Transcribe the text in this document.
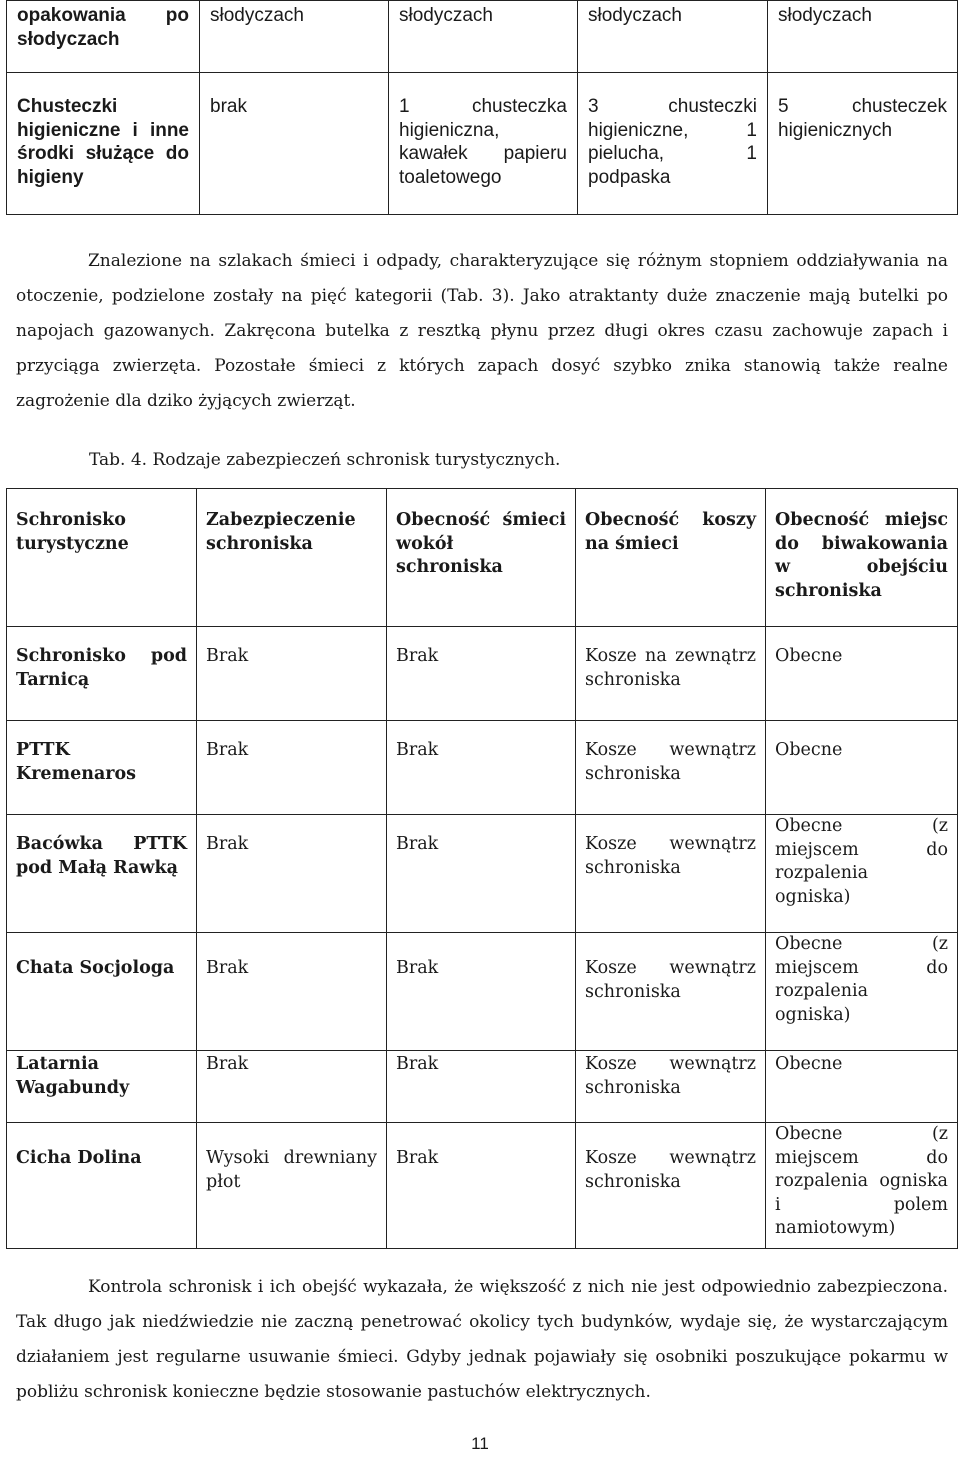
opakowania po słodyczach	słodyczach	słodyczach	słodyczach	słodyczach
Chusteczki higieniczne i inne środki służące do higieny	brak	1 chusteczka higieniczna, kawałek papieru toaletowego	3 chusteczki higieniczne, 1 pielucha, 1 podpaska	5 chusteczek higienicznych

Znalezione na szlakach śmieci i odpady, charakteryzujące się różnym stopniem oddziaływania na otoczenie, podzielone zostały na pięć kategorii (Tab. 3). Jako atraktanty duże znaczenie mają butelki po napojach gazowanych. Zakręcona butelka z resztką płynu przez długi okres czasu zachowuje zapach i przyciąga zwierzęta. Pozostałe śmieci z których zapach dosyć szybko znika stanowią także realne zagrożenie dla dziko żyjących zwierząt.

Tab. 4. Rodzaje zabezpieczeń schronisk turystycznych.

Schronisko turystyczne	Zabezpieczenie schroniska	Obecność śmieci wokół schroniska	Obecność koszy na śmieci	Obecność miejsc do biwakowania w obejściu schroniska
Schronisko pod Tarnicą	Brak	Brak	Kosze na zewnątrz schroniska	Obecne
PTTK Kremenaros	Brak	Brak	Kosze wewnątrz schroniska	Obecne
Bacówka PTTK pod Małą Rawką	Brak	Brak	Kosze wewnątrz schroniska	Obecne (z miejscem do rozpalenia ogniska)
Chata Socjologa	Brak	Brak	Kosze wewnątrz schroniska	Obecne (z miejscem do rozpalenia ogniska)
Latarnia Wagabundy	Brak	Brak	Kosze wewnątrz schroniska	Obecne
Cicha Dolina	Wysoki drewniany płot	Brak	Kosze wewnątrz schroniska	Obecne (z miejscem do rozpalenia ogniska i polem namiotowym)

Kontrola schronisk i ich obejść wykazała, że większość z nich nie jest odpowiednio zabezpieczona. Tak długo jak niedźwiedzie nie zaczną penetrować okolicy tych budynków, wydaje się, że wystarczającym działaniem jest regularne usuwanie śmieci. Gdyby jednak pojawiały się osobniki poszukujące pokarmu w pobliżu schronisk konieczne będzie stosowanie pastuchów elektrycznych.

11
